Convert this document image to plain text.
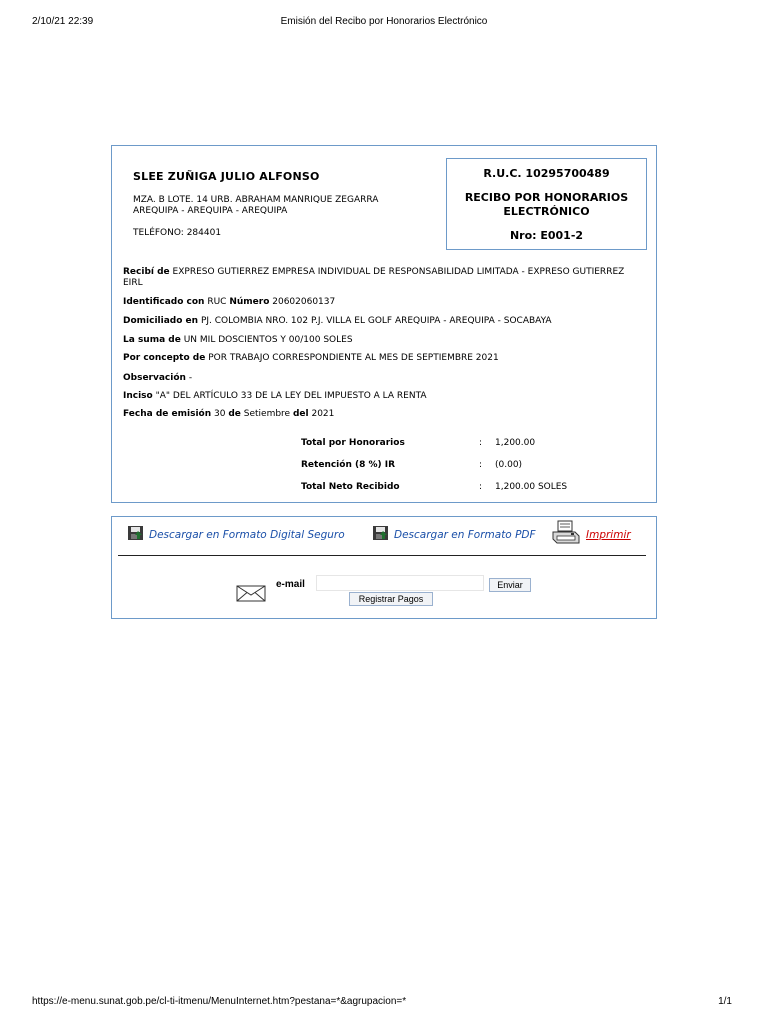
2/10/21 22:39	Emisión del Recibo por Honorarios Electrónico
SLEE ZUÑIGA JULIO ALFONSO
MZA. B LOTE. 14 URB. ABRAHAM MANRIQUE ZEGARRA
AREQUIPA - AREQUIPA - AREQUIPA
TELÉFONO: 284401
R.U.C. 10295700489
RECIBO POR HONORARIOS
ELECTRÓNICO
Nro: E001-2
Recibí de EXPRESO GUTIERREZ EMPRESA INDIVIDUAL DE RESPONSABILIDAD LIMITADA - EXPRESO GUTIERREZ EIRL
Identificado con RUC Número 20602060137
Domiciliado en PJ. COLOMBIA NRO. 102 P.J. VILLA EL GOLF AREQUIPA - AREQUIPA - SOCABAYA
La suma de UN MIL DOSCIENTOS Y 00/100 SOLES
Por concepto de POR TRABAJO CORRESPONDIENTE AL MES DE SEPTIEMBRE 2021
Observación -
Inciso "A" DEL ARTÍCULO 33 DE LA LEY DEL IMPUESTO A LA RENTA
Fecha de emisión 30 de Setiembre del 2021
Total por Honorarios	: 1,200.00
Retención (8 %) IR	: (0.00)
Total Neto Recibido	: 1,200.00 SOLES
Descargar en Formato Digital Seguro	Descargar en Formato PDF	Imprimir
e-mail	Enviar
Registrar Pagos
https://e-menu.sunat.gob.pe/cl-ti-itmenu/MenuInternet.htm?pestana=*&agrupacion=*	1/1
